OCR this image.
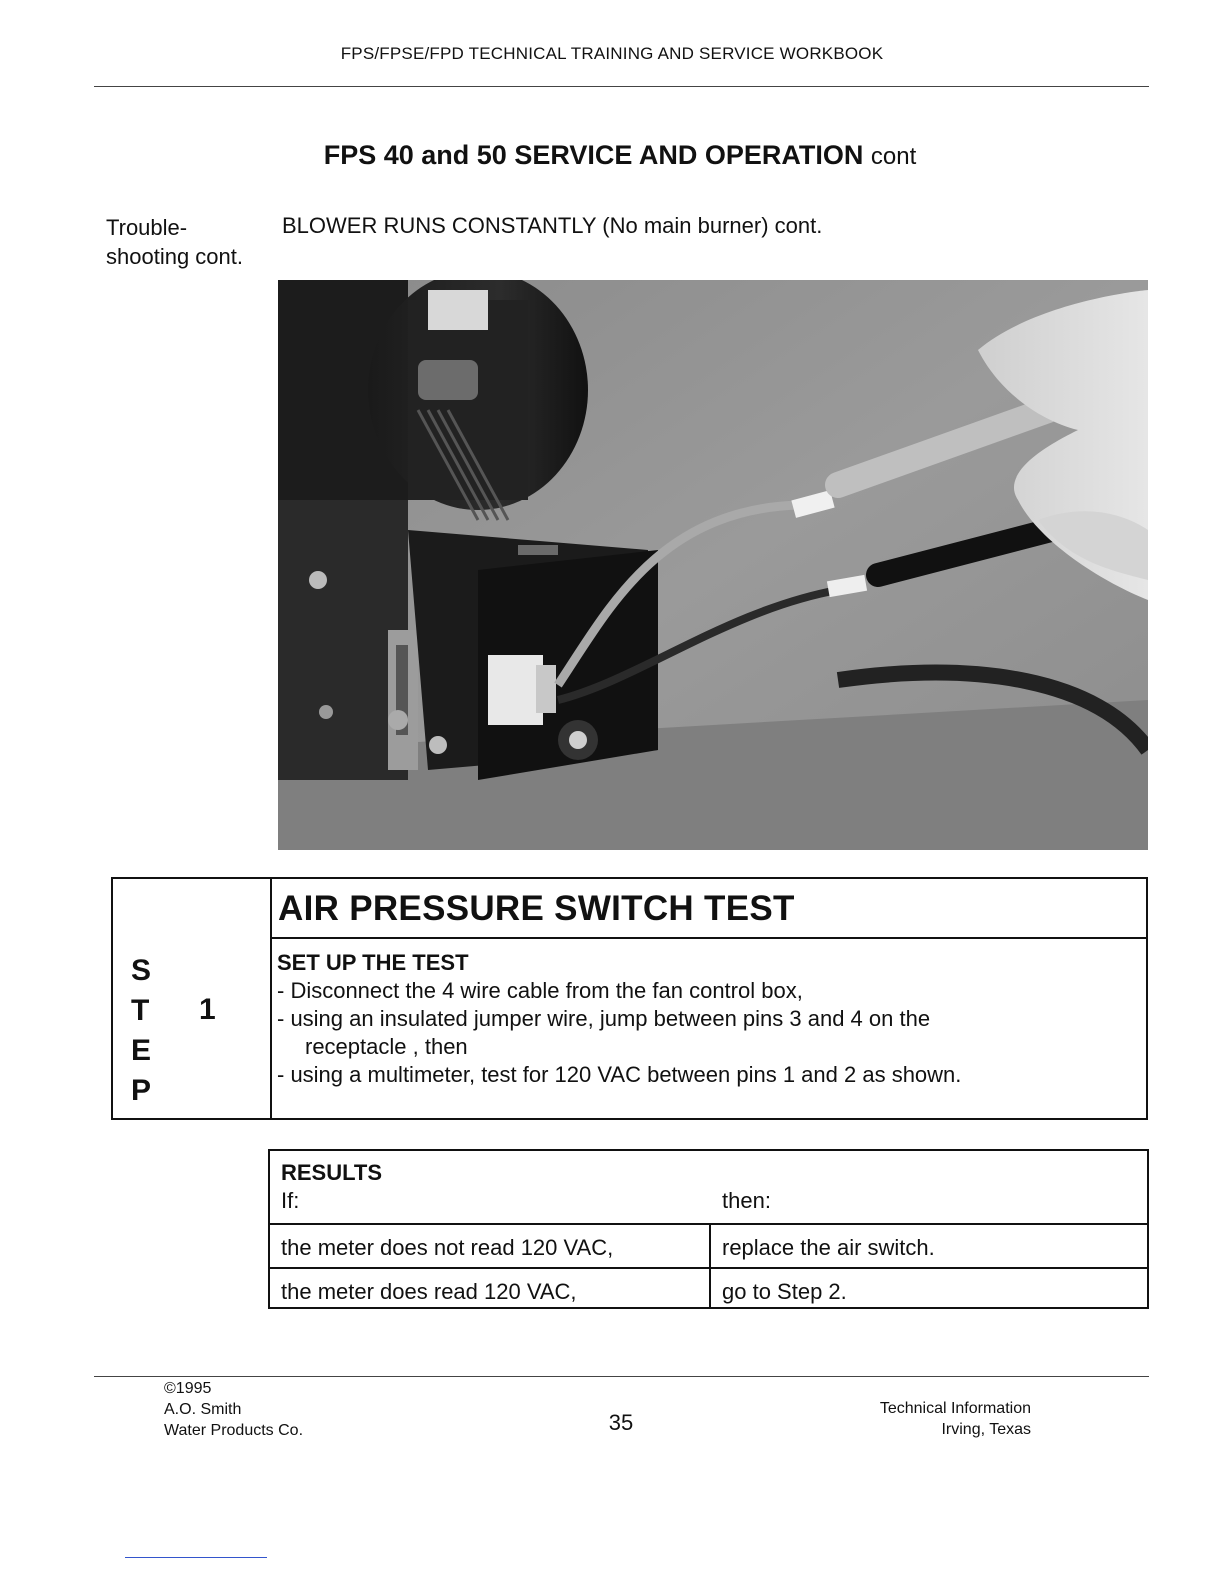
FPS/FPSE/FPD TECHNICAL TRAINING AND SERVICE WORKBOOK
FPS 40 and 50 SERVICE AND OPERATION cont
Trouble-
shooting cont.
BLOWER RUNS CONSTANTLY (No main burner) cont.
S
T
E
P
1
AIR PRESSURE SWITCH TEST
SET UP THE TEST
- Disconnect the 4 wire cable from the fan control box,
- using an insulated jumper wire, jump between pins 3 and 4 on the
receptacle , then
- using a multimeter, test for 120 VAC between pins 1 and 2 as shown.
RESULTS
If:	then:
the meter does not read 120 VAC,	replace the air switch.
the meter does read 120 VAC,	go to Step 2.
©1995
A.O. Smith
Water Products Co.	35
Technical Information
Irving, Texas
